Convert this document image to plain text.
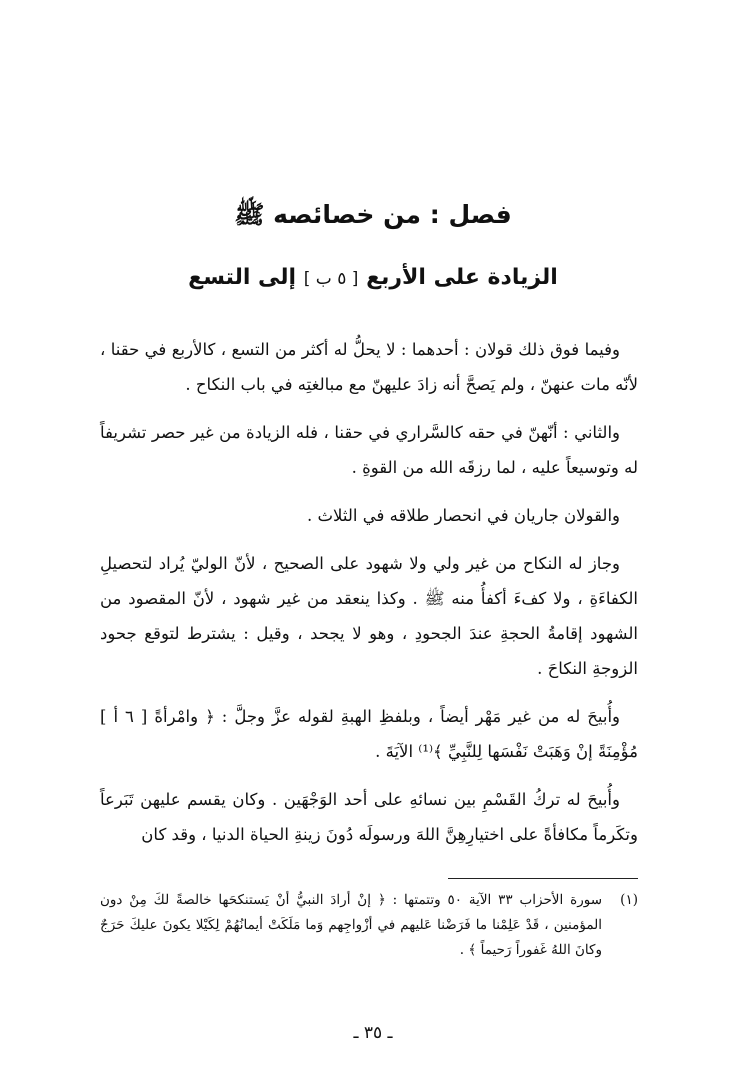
فصل : من خصائصه ﷺ
الزيادة على الأربع [ ٥ ب ] إلى التسع

وفيما فوق ذلك قولان : أحدهما : لا يحلُّ له أكثر من التسع ، كالأربع في حقنا ، لأنّه مات عنهنّ ، ولم يَصحَّ أنه زادَ عليهنّ مع مبالغتِه في باب النكاح .

والثاني : أنّهنّ في حقه كالسَّراري في حقنا ، فله الزيادة من غير حصر تشريفاً له وتوسيعاً عليه ، لما رزقَه الله من القوةِ .

والقولان جاريان في انحصار طلاقه في الثلاث .

وجاز له النكاح من غير ولي ولا شهود على الصحيح ، لأنّ الوليّ يُراد لتحصيلِ الكفاءَةِ ، ولا كفءَ أكفأُ منه ﷺ . وكذا ينعقد من غير شهود ، لأنّ المقصود من الشهود إقامةُ الحجةِ عندَ الجحودِ ، وهو لا يجحد ، وقيل : يشترط لتوقع جحود الزوجةِ النكاحَ .

وأُبيحَ له من غير مَهْر أيضاً ، وبلفظِ الهبةِ لقوله عزَّ وجلَّ : ﴿ وامْرأةً [ ٦ أ ] مُؤْمِنَةً إنْ وَهَبَتْ نَفْسَها لِلنَّبِيِّ ﴾⁽¹⁾ الآيَةَ .

وأُبيحَ له تركُ القَسْمِ بين نسائهِ على أحد الوَجْهَين . وكان يقسم عليهن تَبَرعاً وتكَرماً مكافأةً على اختيارِهِنَّ اللهَ ورسولَه دُونَ زينةِ الحياة الدنيا ، وقد كان

(١)
سورة الأحزاب ٣٣ الآية ٥٠ وتتمتها : ﴿ إنْ أرادَ النبيُّ أنْ يَستنكحَها خالصةً لكَ مِنْ دون المؤمنين ، قَدْ عَلِمْنا ما فَرَضْنا عَليهم في أزْواجِهم وَما مَلَكَتْ أيمانُهُمْ لِكَيْلا يكونَ عليكَ حَرَجٌ وكانَ اللهُ غَفوراً رَحيماً ﴾ .
ـ ٣٥ ـ
